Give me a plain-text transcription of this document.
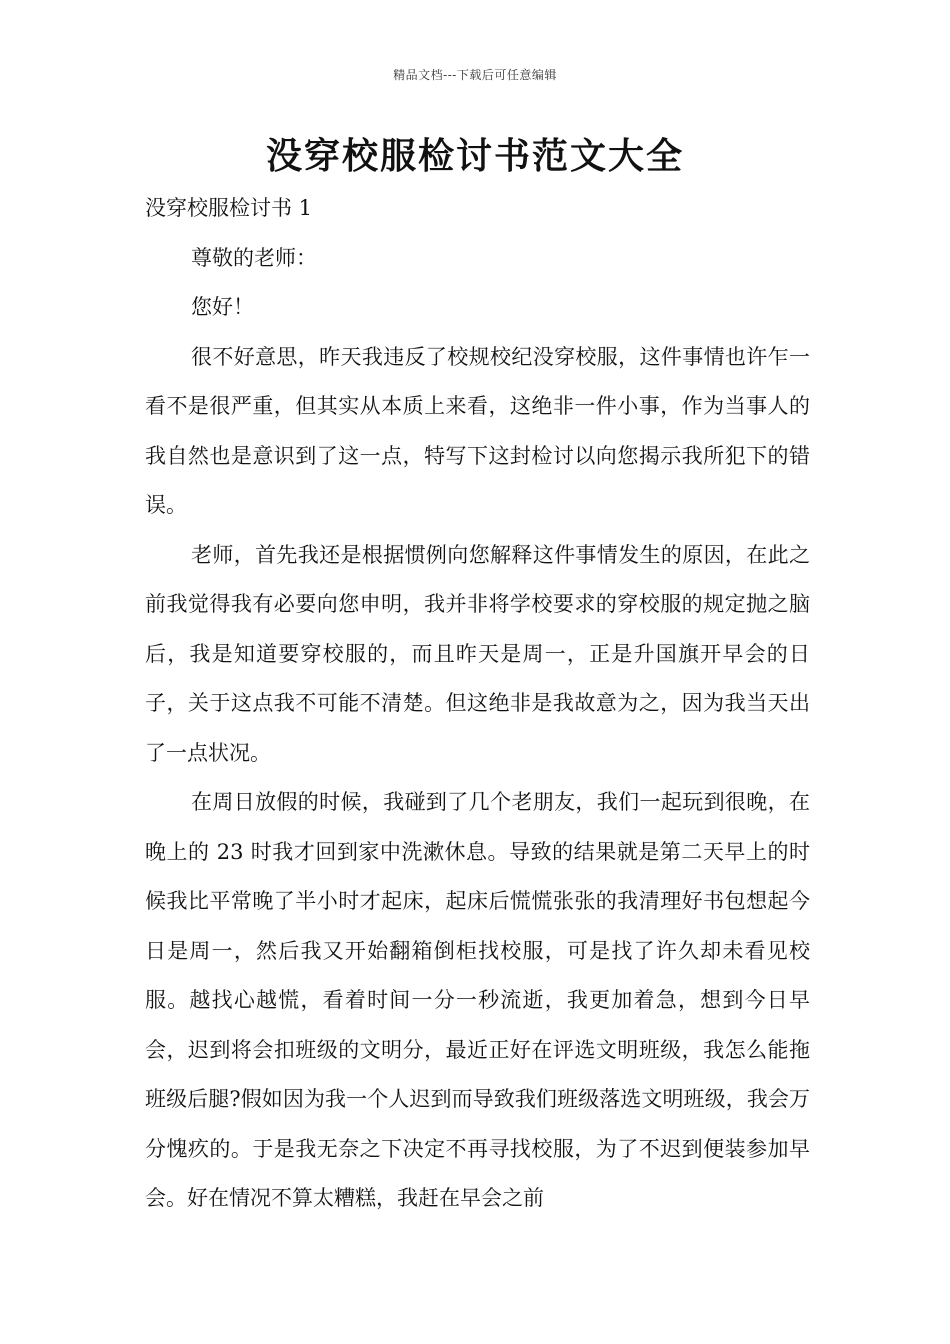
精品文档---下载后可任意编辑
没穿校服检讨书范文大全

没穿校服检讨书 1

尊敬的老师：

您好！

很不好意思，昨天我违反了校规校纪没穿校服，这件事情也许乍一看不是很严重，但其实从本质上来看，这绝非一件小事，作为当事人的我自然也是意识到了这一点，特写下这封检讨以向您揭示我所犯下的错误。

老师，首先我还是根据惯例向您解释这件事情发生的原因，在此之前我觉得我有必要向您申明，我并非将学校要求的穿校服的规定抛之脑后，我是知道要穿校服的，而且昨天是周一，正是升国旗开早会的日子，关于这点我不可能不清楚。但这绝非是我故意为之，因为我当天出了一点状况。

在周日放假的时候，我碰到了几个老朋友，我们一起玩到很晚，在晚上的 23 时我才回到家中洗漱休息。导致的结果就是第二天早上的时候我比平常晚了半小时才起床，起床后慌慌张张的我清理好书包想起今日是周一，然后我又开始翻箱倒柜找校服，可是找了许久却未看见校服。越找心越慌，看着时间一分一秒流逝，我更加着急，想到今日早会，迟到将会扣班级的文明分，最近正好在评选文明班级，我怎么能拖班级后腿?假如因为我一个人迟到而导致我们班级落选文明班级，我会万分愧疚的。于是我无奈之下决定不再寻找校服，为了不迟到便装参加早会。好在情况不算太糟糕，我赶在早会之前
